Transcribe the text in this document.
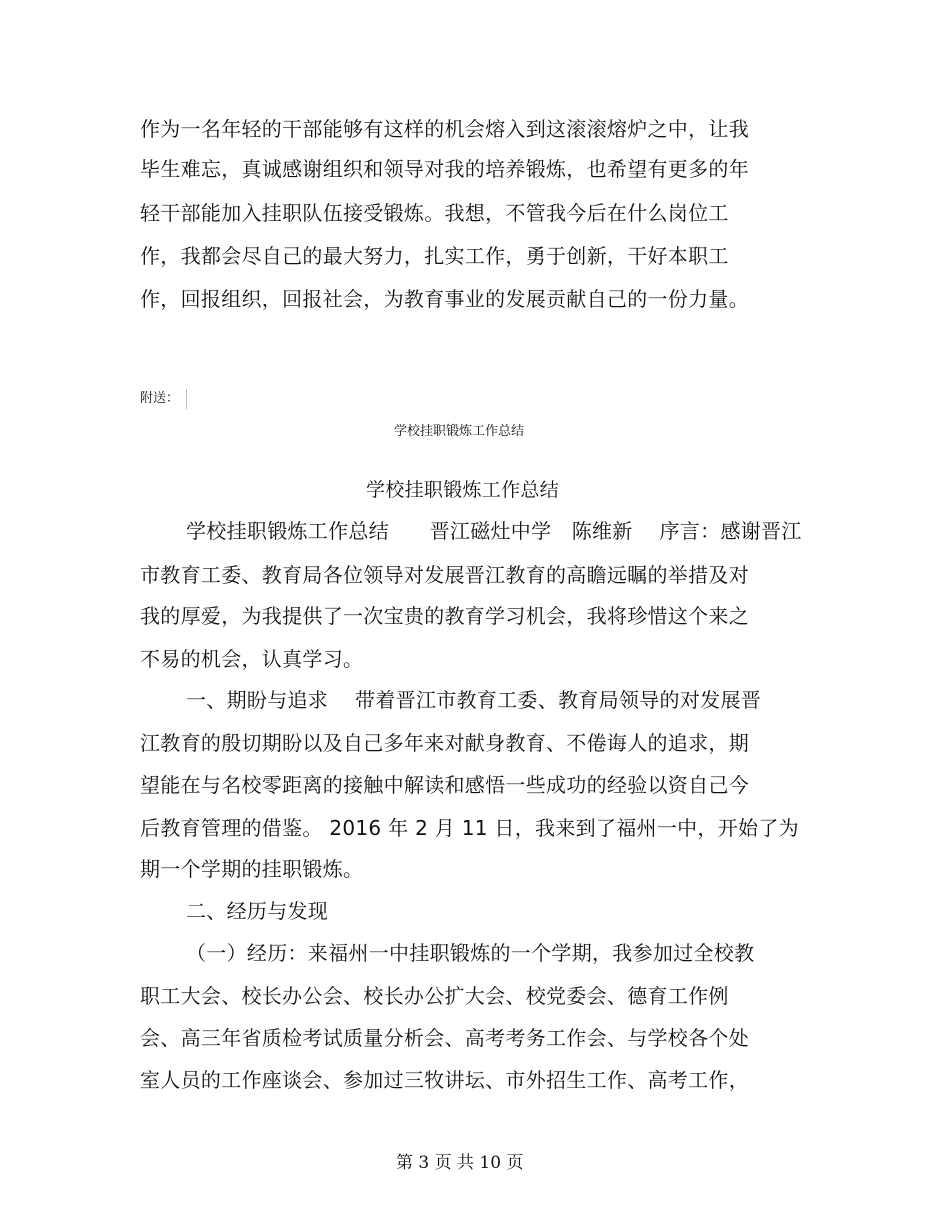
作为一名年轻的干部能够有这样的机会熔入到这滚滚熔炉之中，让我
毕生难忘，真诚感谢组织和领导对我的培养锻炼，也希望有更多的年
轻干部能加入挂职队伍接受锻炼。我想，不管我今后在什么岗位工
作，我都会尽自己的最大努力，扎实工作，勇于创新，干好本职工
作，回报组织，回报社会，为教育事业的发展贡献自己的一份力量。
附送：
学校挂职锻炼工作总结
学校挂职锻炼工作总结
学校挂职锻炼工作总结　　晋江磁灶中学　陈维新　 序言：感谢晋江
市教育工委、教育局各位领导对发展晋江教育的高瞻远瞩的举措及对
我的厚爱，为我提供了一次宝贵的教育学习机会，我将珍惜这个来之
不易的机会，认真学习。
一、期盼与追求　 带着晋江市教育工委、教育局领导的对发展晋
江教育的殷切期盼以及自己多年来对献身教育、不倦诲人的追求，期
望能在与名校零距离的接触中解读和感悟一些成功的经验以资自己今
后教育管理的借鉴。 2016 年 2 月 11 日，我来到了福州一中，开始了为
期一个学期的挂职锻炼。
二、经历与发现
（一）经历：来福州一中挂职锻炼的一个学期，我参加过全校教
职工大会、校长办公会、校长办公扩大会、校党委会、德育工作例
会、高三年省质检考试质量分析会、高考考务工作会、与学校各个处
室人员的工作座谈会、参加过三牧讲坛、市外招生工作、高考工作，
第 3 页 共 10 页
